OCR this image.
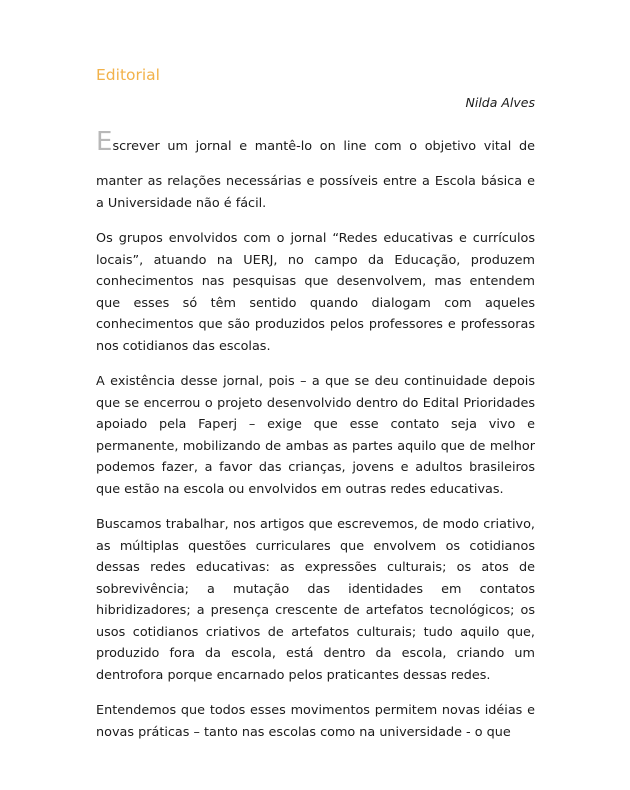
Editorial
Nilda Alves

Escrever um jornal e mantê-lo on line com o objetivo vital de
manter as relações necessárias e possíveis entre a Escola básica e a Universidade não é fácil.

Os grupos envolvidos com o jornal “Redes educativas e currículos locais”, atuando na UERJ, no campo da Educação, produzem conhecimentos nas pesquisas que desenvolvem, mas entendem que esses só têm sentido quando dialogam com aqueles conhecimentos que são produzidos pelos professores e professoras nos cotidianos das escolas.

A existência desse jornal, pois – a que se deu continuidade depois que se encerrou o projeto desenvolvido dentro do Edital Prioridades apoiado pela Faperj – exige que esse contato seja vivo e permanente, mobilizando de ambas as partes aquilo que de melhor podemos fazer, a favor das crianças, jovens e adultos brasileiros que estão na escola ou envolvidos em outras redes educativas.

Buscamos trabalhar, nos artigos que escrevemos, de modo criativo, as múltiplas questões curriculares que envolvem os cotidianos dessas redes educativas: as expressões culturais; os atos de sobrevivência; a mutação das identidades em contatos hibridizadores; a presença crescente de artefatos tecnológicos; os usos cotidianos criativos de artefatos culturais; tudo aquilo que, produzido fora da escola, está dentro da escola, criando um dentrofora porque encarnado pelos praticantes dessas redes.

Entendemos que todos esses movimentos permitem novas idéias e novas práticas – tanto nas escolas como na universidade - o que
